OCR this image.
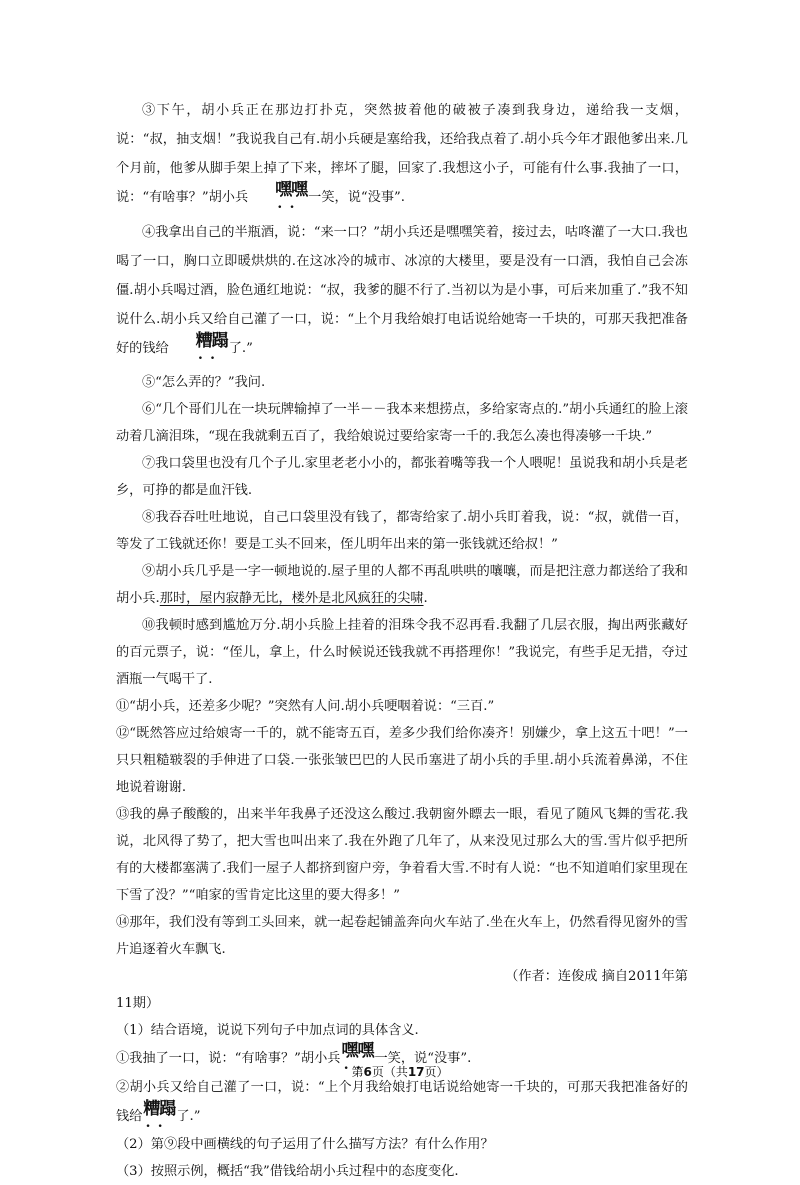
③下午，胡小兵正在那边打扑克，突然披着他的破被子凑到我身边，递给我一支烟，说：“叔，抽支烟！”我说我自己有.胡小兵硬是塞给我，还给我点着了.胡小兵今年才跟他爹出来.几个月前，他爹从脚手架上掉了下来，摔坏了腿，回家了.我想这小子，可能有什么事.我抽了一口，说：“有啥事？”胡小兵 嘿嘿 • •一笑，说“没事”.

④我拿出自己的半瓶酒，说：“来一口？”胡小兵还是嘿嘿笑着，接过去，咕咚灌了一大口.我也喝了一口，胸口立即暖烘烘的.在这冰冷的城市、冰凉的大楼里，要是没有一口酒，我怕自己会冻僵.胡小兵喝过酒，脸色通红地说：“叔，我爹的腿不行了.当初以为是小事，可后来加重了.”我不知说什么.胡小兵又给自己灌了一口，说：“上个月我给娘打电话说给她寄一千块的，可那天我把准备好的钱给 糟蹋 • •了.”

⑤“怎么弄的？”我问.

⑥“几个哥们儿在一块玩牌输掉了一半－－我本来想捞点，多给家寄点的.”胡小兵通红的脸上滚动着几滴泪珠，“现在我就剩五百了，我给娘说过要给家寄一千的.我怎么凑也得凑够一千块.”

⑦我口袋里也没有几个子儿.家里老老小小的，都张着嘴等我一个人喂呢！虽说我和胡小兵是老乡，可挣的都是血汗钱.

⑧我吞吞吐吐地说，自己口袋里没有钱了，都寄给家了.胡小兵盯着我，说：“叔，就借一百，等发了工钱就还你！要是工头不回来，侄儿明年出来的第一张钱就还给叔！”

⑨胡小兵几乎是一字一顿地说的.屋子里的人都不再乱哄哄的嚷嚷，而是把注意力都送给了我和胡小兵.那时，屋内寂静无比，楼外是北风疯狂的尖啸.

⑩我顿时感到尴尬万分.胡小兵脸上挂着的泪珠令我不忍再看.我翻了几层衣服，掏出两张藏好的百元票子，说：“侄儿，拿上，什么时候说还钱我就不再搭理你！”我说完，有些手足无措，夺过酒瓶一气喝干了.

⑪“胡小兵，还差多少呢？”突然有人问.胡小兵哽咽着说：“三百.”

⑫“既然答应过给娘寄一千的，就不能寄五百，差多少我们给你凑齐！别嫌少，拿上这五十吧！”一只只粗糙皲裂的手伸进了口袋.一张张皱巴巴的人民币塞进了胡小兵的手里.胡小兵流着鼻涕，不住地说着谢谢.

⑬我的鼻子酸酸的，出来半年我鼻子还没这么酸过.我朝窗外瞟去一眼，看见了随风飞舞的雪花.我说，北风得了势了，把大雪也叫出来了.我在外跑了几年了，从来没见过那么大的雪.雪片似乎把所有的大楼都塞满了.我们一屋子人都挤到窗户旁，争着看大雪.不时有人说：“也不知道咱们家里现在下雪了没？”“咱家的雪肯定比这里的要大得多！”

⑭那年，我们没有等到工头回来，就一起卷起铺盖奔向火车站了.坐在火车上，仍然看得见窗外的雪片追逐着火车飘飞.

（作者：连俊成 摘自2011年第

11期）

（1）结合语境，说说下列句子中加点词的具体含义.

①我抽了一口，说：“有啥事？”胡小兵嘿嘿 • •一笑，说“没事”.

②胡小兵又给自己灌了一口，说：“上个月我给娘打电话说给她寄一千块的，可那天我把准备好的钱给糟蹋 • •了.”

（2）第⑨段中画横线的句子运用了什么描写方法？有什么作用？

（3）按照示例，概括“我”借钱给胡小兵过程中的态度变化.

第6页（共17页）
